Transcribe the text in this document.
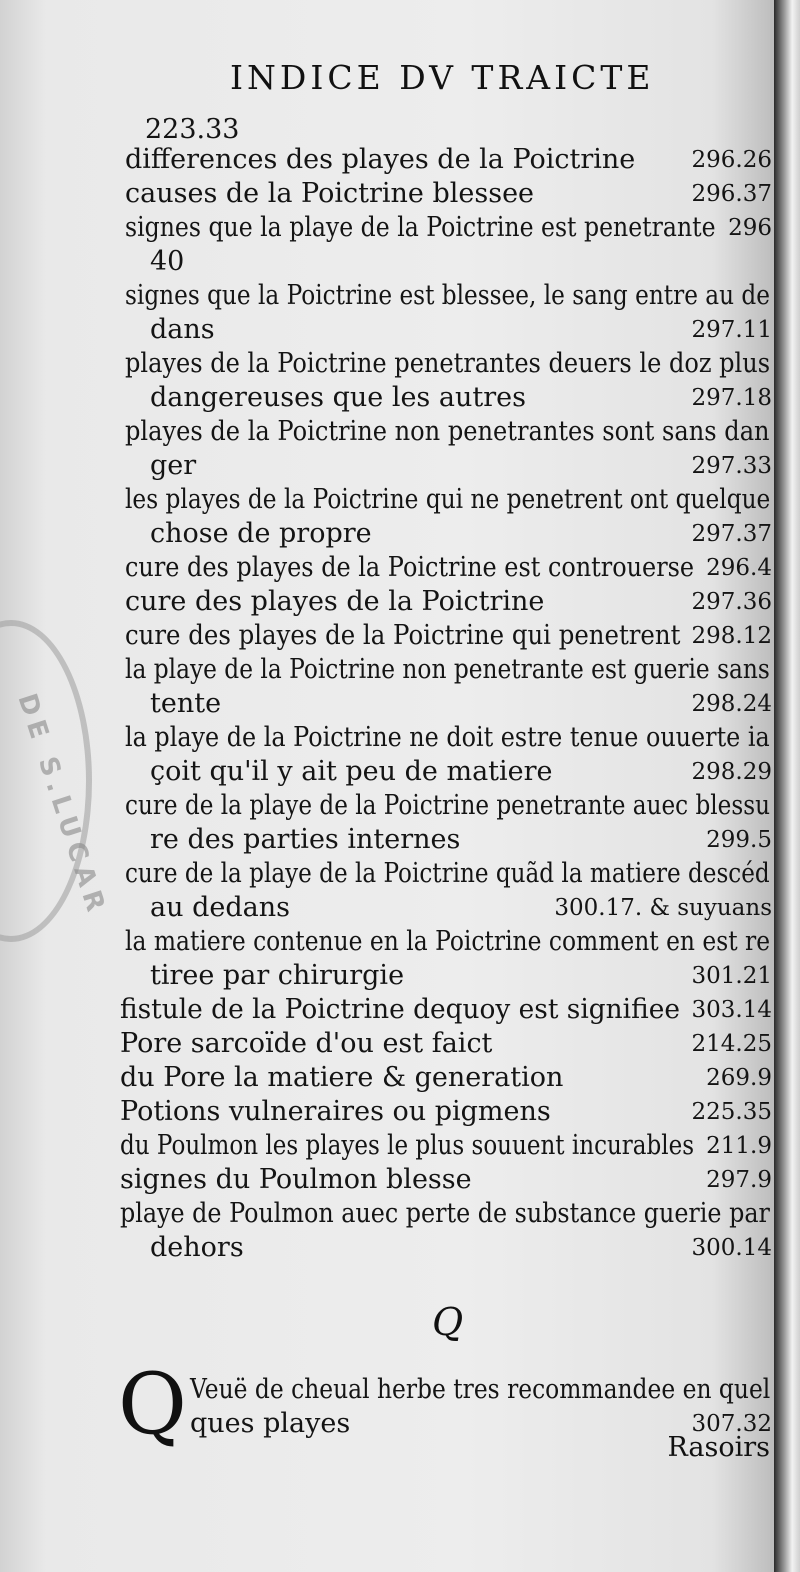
DE S.LUCAR
INDICE DV TRAICTE
223.33
differences des playes de la Poictrine 296.26
causes de la Poictrine blessee	296.37
signes que la playe de la Poictrine est penetrante 296
40
signes que la Poictrine est blessee, le sang entre au de
dans	297.11
playes de la Poictrine penetrantes deuers le doz plus
dangereuses que les autres	297.18
playes de la Poictrine non penetrantes sont sans dan
ger	297.33
les playes de la Poictrine qui ne penetrent ont quelque
chose de propre	297.37
cure des playes de la Poictrine est controuerse 296.4
cure des playes de la Poictrine	297.36
cure des playes de la Poictrine qui penetrent 298.12
la playe de la Poictrine non penetrante est guerie sans
tente	298.24
la playe de la Poictrine ne doit estre tenue ouuerte ia
çoit qu'il y ait peu de matiere	298.29
cure de la playe de la Poictrine penetrante auec blessu
re des parties internes	299.5
cure de la playe de la Poictrine quãd la matiere descéd
au dedans	300.17. & suyuans
la matiere contenue en la Poictrine comment en est re
tiree par chirurgie	301.21
fistule de la Poictrine dequoy est signifiee 303.14
Pore sarcoïde d'ou est faict	214.25
du Pore la matiere & generation	269.9
Potions vulneraires ou pigmens	225.35
du Poulmon les playes le plus souuent incurables 211.9
signes du Poulmon blesse	297.9
playe de Poulmon auec perte de substance guerie par
dehors	300.14
Veuë de cheual herbe tres recommandee en quel
ques playes	307.32
Q
Q	Rasoirs
